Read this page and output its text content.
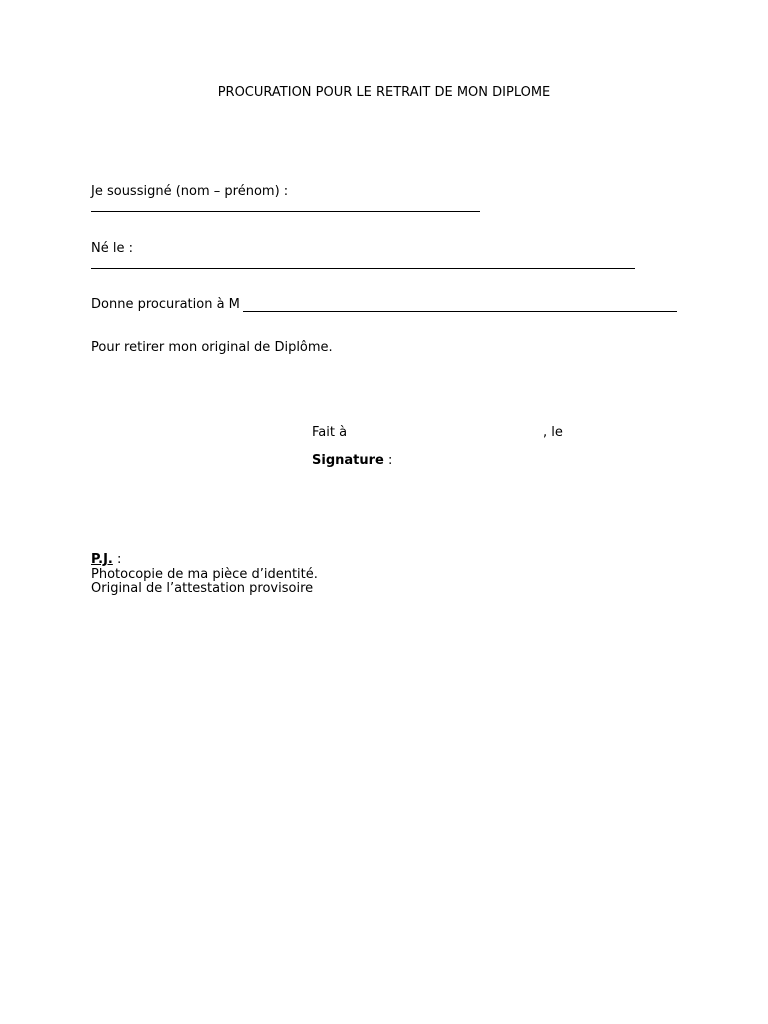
PROCURATION POUR LE RETRAIT DE MON DIPLOME
Je soussigné (nom – prénom) :
Né le :
Donne procuration à M
Pour retirer mon original de Diplôme.
Fait à	, le
Signature :
P.J. :
Photocopie de ma pièce d’identité.
Original de l’attestation provisoire
